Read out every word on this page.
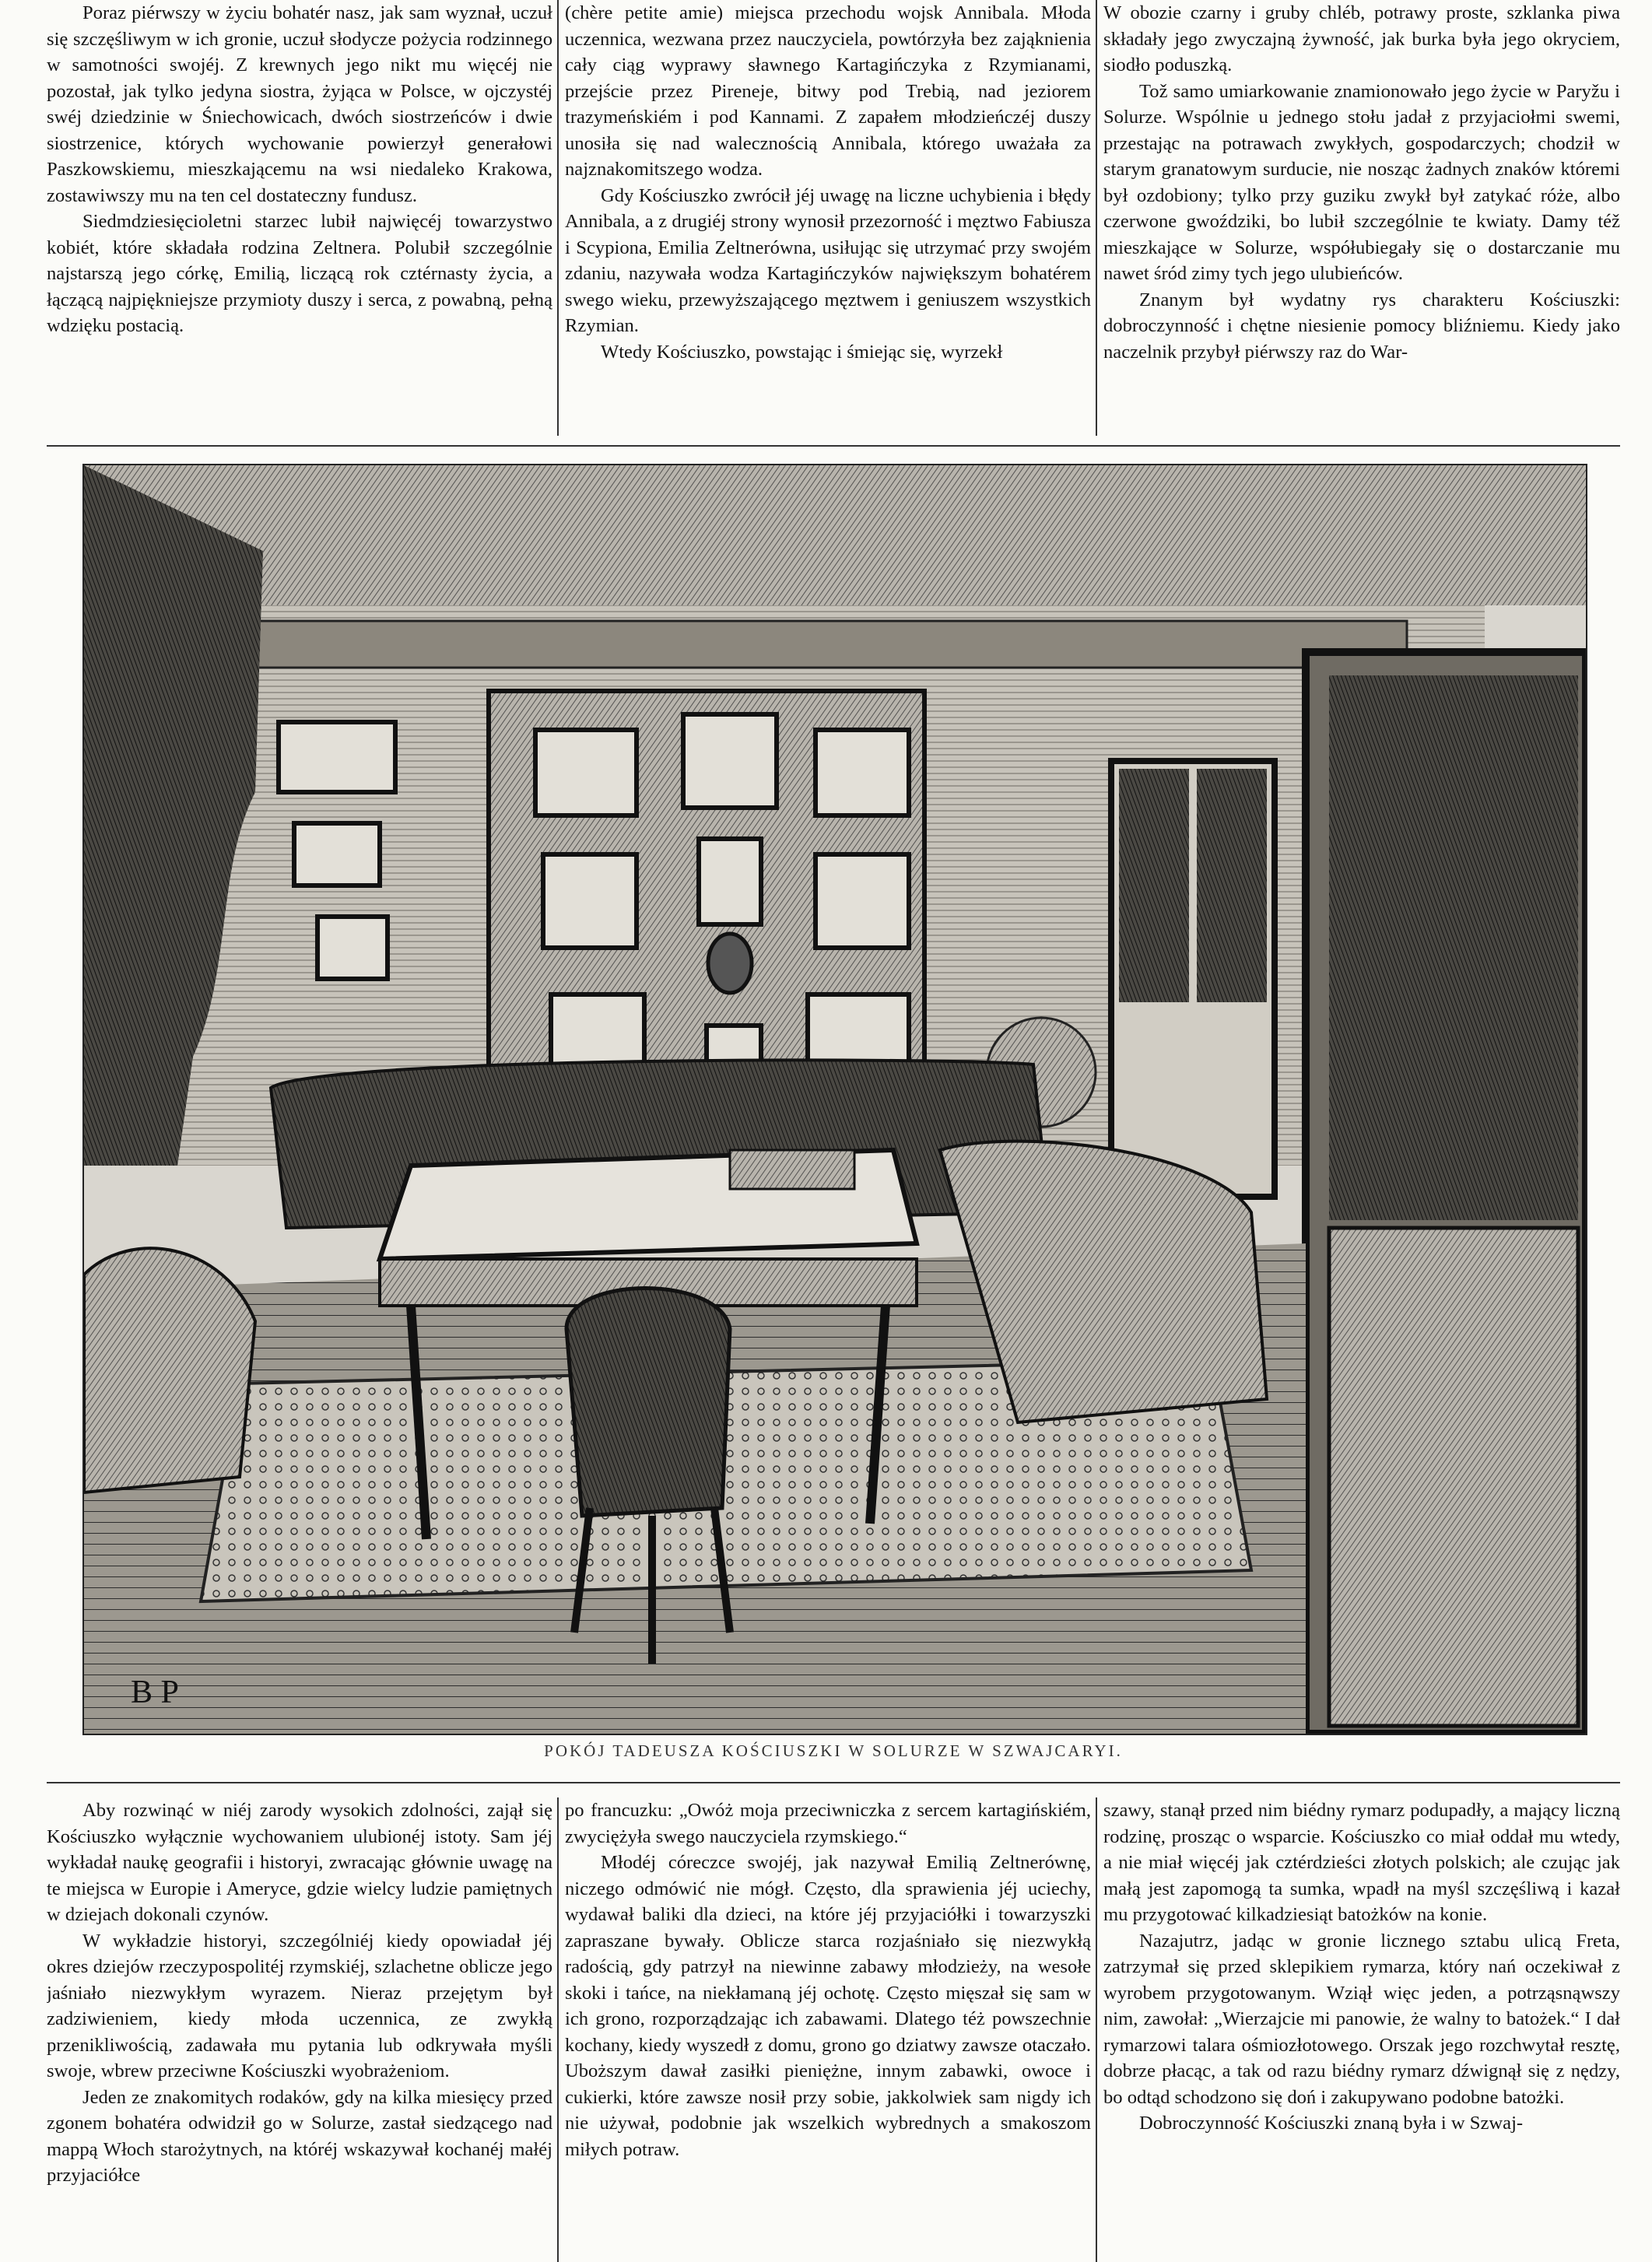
Poraz piérwszy w życiu bohatér nasz, jak sam wyznał, uczuł się szczęśliwym w ich gronie, uczuł słodycze pożycia rodzinnego w samotności swojéj. Z krewnych jego nikt mu więcéj nie pozostał, jak tylko jedyna siostra, żyjąca w Polsce, w ojczystéj swéj dziedzinie w Śniechowicach, dwóch siostrzeńców i dwie siostrzenice, których wychowanie powierzył generałowi Paszkowskiemu, mieszkającemu na wsi niedaleko Krakowa, zostawiwszy mu na ten cel dostateczny fundusz.

Siedmdziesięcioletni starzec lubił najwięcéj towarzystwo kobiét, które składała rodzina Zeltnera. Polubił szczególnie najstarszą jego córkę, Emilią, liczącą rok cztérnasty życia, a łączącą najpiękniejsze przymioty duszy i serca, z powabną, pełną wdzięku postacią.

(chère petite amie) miejsca przechodu wojsk Annibala. Młoda uczennica, wezwana przez nauczyciela, powtórzyła bez zająknienia cały ciąg wyprawy sławnego Kartagińczyka z Rzymianami, przejście przez Pireneje, bitwy pod Trebią, nad jeziorem trazymeńskiém i pod Kannami. Z zapałem młodzieńczéj duszy unosiła się nad walecznością Annibala, którego uważała za najznakomitszego wodza.

Gdy Kościuszko zwrócił jéj uwagę na liczne uchybienia i błędy Annibala, a z drugiéj strony wynosił przezorność i męztwo Fabiusza i Scypiona, Emilia Zeltnerówna, usiłując się utrzymać przy swojém zdaniu, nazywała wodza Kartagińczyków największym bohatérem swego wieku, przewyższającego męztwem i geniuszem wszystkich Rzymian.

Wtedy Kościuszko, powstając i śmiejąc się, wyrzekł

W obozie czarny i gruby chléb, potrawy proste, szklanka piwa składały jego zwyczajną żywność, jak burka była jego okryciem, siodło poduszką.

Tož samo umiarkowanie znamionowało jego życie w Paryžu i Solurze. Wspólnie u jednego stołu jadał z przyjaciołmi swemi, przestając na potrawach zwykłych, gospodarczych; chodził w starym granatowym surducie, nie nosząc żadnych znaków któremi był ozdobiony; tylko przy guziku zwykł był zatykać róże, albo czerwone gwoździki, bo lubił szczególnie te kwiaty. Damy též mieszkające w Solurze, współubiegały się o dostarczanie mu nawet śród zimy tych jego ulubieńców.

Znanym był wydatny rys charakteru Kościuszki: dobroczynność i chętne niesienie pomocy bliźniemu. Kiedy jako naczelnik przybył piérwszy raz do War-

B P
POKÓJ TADEUSZA KOŚCIUSZKI W SOLURZE W SZWAJCARYI.

Aby rozwinąć w niéj zarody wysokich zdolności, zajął się Kościuszko wyłącznie wychowaniem ulubionéj istoty. Sam jéj wykładał naukę geografii i historyi, zwracając głównie uwagę na te miejsca w Europie i Ameryce, gdzie wielcy ludzie pamiętnych w dziejach dokonali czynów.

W wykładzie historyi, szczególniéj kiedy opowiadał jéj okres dziejów rzeczypospolitéj rzymskiéj, szlachetne oblicze jego jaśniało niezwykłym wyrazem. Nieraz przejętym był zadziwieniem, kiedy młoda uczennica, ze zwykłą przenikliwością, zadawała mu pytania lub odkrywała myśli swoje, wbrew przeciwne Kościuszki wyobrażeniom.

Jeden ze znakomitych rodaków, gdy na kilka miesięcy przed zgonem bohatéra odwidził go w Solurze, zastał siedzącego nad mappą Włoch starożytnych, na któréj wskazywał kochanéj małéj przyjaciółce

po francuzku: „Owóż moja przeciwniczka z sercem kartagińskiém, zwyciężyła swego nauczyciela rzymskiego.“

Młodéj córeczce swojéj, jak nazywał Emilią Zeltnerównę, niczego odmówić nie mógł. Często, dla sprawienia jéj uciechy, wydawał baliki dla dzieci, na które jéj przyjaciółki i towarzyszki zapraszane bywały. Oblicze starca rozjaśniało się niezwykłą radością, gdy patrzył na niewinne zabawy młodzieży, na wesołe skoki i tańce, na niekłamaną jéj ochotę. Często mięszał się sam w ich grono, rozporządzając ich zabawami. Dlatego téż powszechnie kochany, kiedy wyszedł z domu, grono go dziatwy zawsze otaczało. Uboższym dawał zasiłki pieniężne, innym zabawki, owoce i cukierki, które zawsze nosił przy sobie, jakkolwiek sam nigdy ich nie używał, podobnie jak wszelkich wybrednych a smakoszom miłych potraw.

szawy, stanął przed nim biédny rymarz podupadły, a mający liczną rodzinę, prosząc o wsparcie. Kościuszko co miał oddał mu wtedy, a nie miał więcéj jak cztérdzieści złotych polskich; ale czując jak małą jest zapomogą ta sumka, wpadł na myśl szczęśliwą i kazał mu przygotować kilkadziesiąt batożków na konie.

Nazajutrz, jadąc w gronie licznego sztabu ulicą Freta, zatrzymał się przed sklepikiem rymarza, który nań oczekiwał z wyrobem przygotowanym. Wziął więc jeden, a potrząsnąwszy nim, zawołał: „Wierzajcie mi panowie, że walny to batożek.“ I dał rymarzowi talara ośmiozłotowego. Orszak jego rozchwytał resztę, dobrze płacąc, a tak od razu biédny rymarz dźwignął się z nędzy, bo odtąd schodzono się doń i zakupywano podobne batożki.

Dobroczynność Kościuszki znaną była i w Szwaj-
